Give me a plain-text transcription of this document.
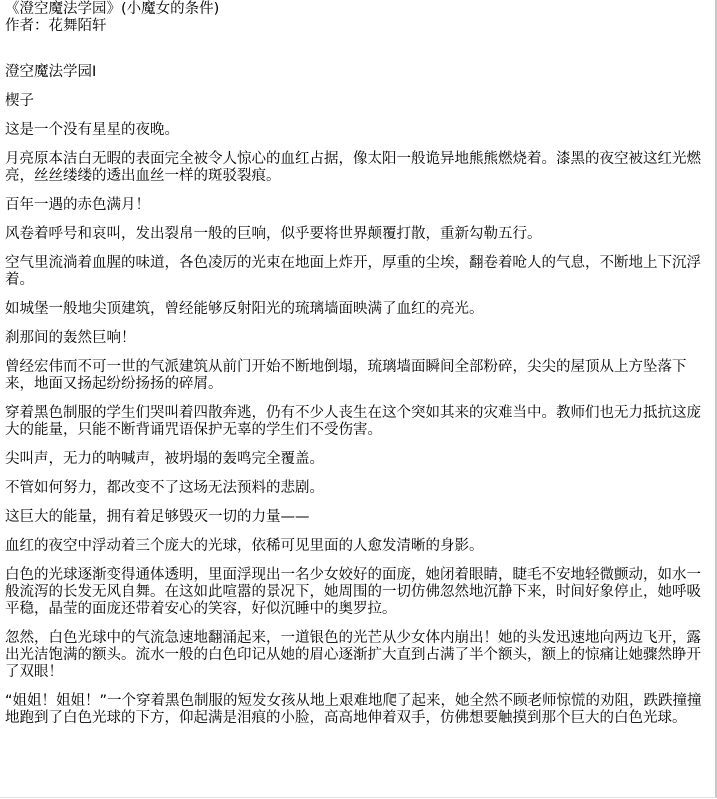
《澄空魔法学园》(小魔女的条件)
作者：花舞陌轩

澄空魔法学园Ⅰ

楔子

这是一个没有星星的夜晚。

月亮原本洁白无暇的表面完全被令人惊心的血红占据，像太阳一般诡异地熊熊燃烧着。漆黑的夜空被这红光燃亮，丝丝缕缕的透出血丝一样的斑驳裂痕。

百年一遇的赤色满月！

风卷着呼号和哀叫，发出裂帛一般的巨响，似乎要将世界颠覆打散，重新勾勒五行。

空气里流淌着血腥的味道，各色凌厉的光束在地面上炸开，厚重的尘埃，翻卷着呛人的气息，不断地上下沉浮着。

如城堡一般地尖顶建筑，曾经能够反射阳光的琉璃墙面映满了血红的亮光。

刹那间的轰然巨响！

曾经宏伟而不可一世的气派建筑从前门开始不断地倒塌，琉璃墙面瞬间全部粉碎，尖尖的屋顶从上方坠落下来，地面又扬起纷纷扬扬的碎屑。

穿着黑色制服的学生们哭叫着四散奔逃，仍有不少人丧生在这个突如其来的灾难当中。教师们也无力抵抗这庞大的能量，只能不断背诵咒语保护无辜的学生们不受伤害。

尖叫声，无力的呐喊声，被坍塌的轰鸣完全覆盖。

不管如何努力，都改变不了这场无法预料的悲剧。

这巨大的能量，拥有着足够毁灭一切的力量——

血红的夜空中浮动着三个庞大的光球，依稀可见里面的人愈发清晰的身影。

白色的光球逐渐变得通体透明，里面浮现出一名少女姣好的面庞，她闭着眼睛，睫毛不安地轻微颤动，如水一般流泻的长发无风自舞。在这如此喧嚣的景况下，她周围的一切仿佛忽然地沉静下来，时间好象停止，她呼吸平稳，晶莹的面庞还带着安心的笑容，好似沉睡中的奥罗拉。

忽然，白色光球中的气流急速地翻涌起来，一道银色的光芒从少女体内崩出！她的头发迅速地向两边飞开，露出光洁饱满的额头。流水一般的白色印记从她的眉心逐渐扩大直到占满了半个额头，额上的惊痛让她骤然睁开了双眼！

“姐姐！姐姐！”一个穿着黑色制服的短发女孩从地上艰难地爬了起来，她全然不顾老师惊慌的劝阻，跌跌撞撞地跑到了白色光球的下方，仰起满是泪痕的小脸，高高地伸着双手，仿佛想要触摸到那个巨大的白色光球。
